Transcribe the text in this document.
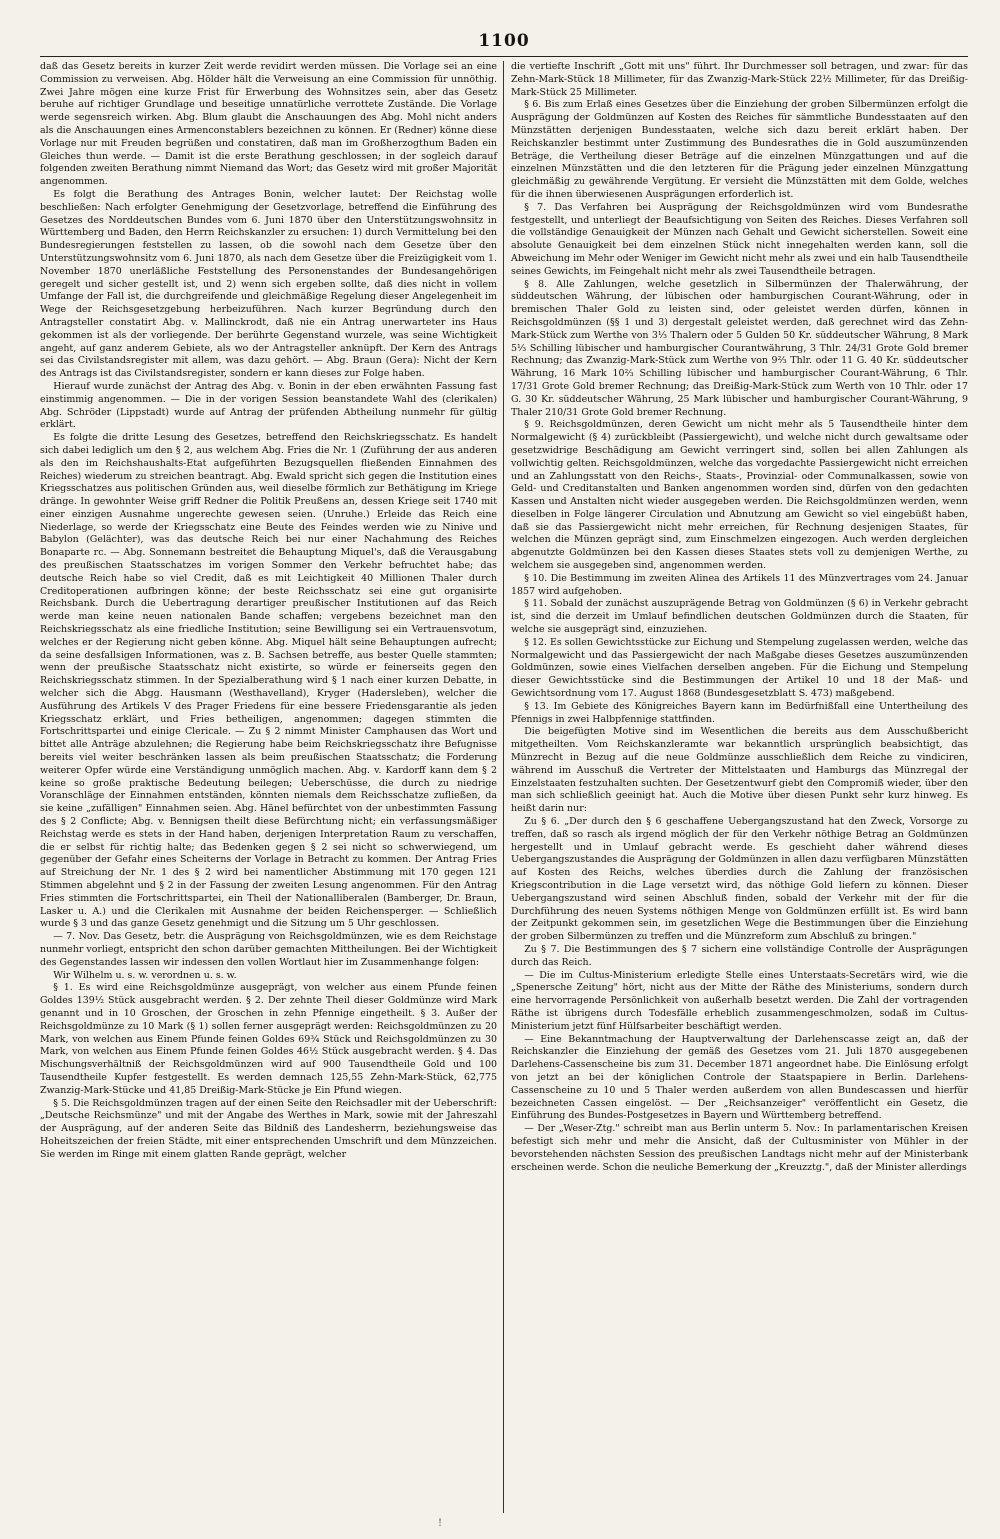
1100

daß das Gesetz bereits in kurzer Zeit werde revidirt werden müssen. Die Vorlage sei an eine Commission zu verweisen. Abg. Hölder hält die Verweisung an eine Commission für unnöthig. Zwei Jahre mögen eine kurze Frist für Erwerbung des Wohnsitzes sein, aber das Gesetz beruhe auf richtiger Grundlage und beseitige unnatürliche verrottete Zustände. Die Vorlage werde segensreich wirken. Abg. Blum glaubt die Anschauungen des Abg. Mohl nicht anders als die Anschauungen eines Armenconstablers bezeichnen zu können. Er (Redner) könne diese Vorlage nur mit Freuden begrüßen und constatiren, daß man im Großherzogthum Baden ein Gleiches thun werde. — Damit ist die erste Berathung geschlossen; in der sogleich darauf folgenden zweiten Berathung nimmt Niemand das Wort; das Gesetz wird mit großer Majorität angenommen.

Es folgt die Berathung des Antrages Bonin, welcher lautet: Der Reichstag wolle beschließen: Nach erfolgter Genehmigung der Gesetzvorlage, betreffend die Einführung des Gesetzes des Norddeutschen Bundes vom 6. Juni 1870 über den Unterstützungswohnsitz in Württemberg und Baden, den Herrn Reichskanzler zu ersuchen: 1) durch Vermittelung bei den Bundesregierungen feststellen zu lassen, ob die sowohl nach dem Gesetze über den Unterstützungswohnsitz vom 6. Juni 1870, als nach dem Gesetze über die Freizügigkeit vom 1. November 1870 unerläßliche Feststellung des Personenstandes der Bundesangehörigen geregelt und sicher gestellt ist, und 2) wenn sich ergeben sollte, daß dies nicht in vollem Umfange der Fall ist, die durchgreifende und gleichmäßige Regelung dieser Angelegenheit im Wege der Reichsgesetzgebung herbeizuführen. Nach kurzer Begründung durch den Antragsteller constatirt Abg. v. Mallinckrodt, daß nie ein Antrag unerwarteter ins Haus gekommen ist als der vorliegende. Der berührte Gegenstand wurzele, was seine Wichtigkeit angeht, auf ganz anderem Gebiete, als wo der Antragsteller anknüpft. Der Kern des Antrags sei das Civilstandsregister mit allem, was dazu gehört. — Abg. Braun (Gera): Nicht der Kern des Antrags ist das Civilstandsregister, sondern er kann dieses zur Folge haben.

Hierauf wurde zunächst der Antrag des Abg. v. Bonin in der eben erwähnten Fassung fast einstimmig angenommen. — Die in der vorigen Session beanstandete Wahl des (clerikalen) Abg. Schröder (Lippstadt) wurde auf Antrag der prüfenden Abtheilung nunmehr für gültig erklärt.

Es folgte die dritte Lesung des Gesetzes, betreffend den Reichskriegsschatz. Es handelt sich dabei lediglich um den § 2, aus welchem Abg. Fries die Nr. 1 (Zuführung der aus anderen als den im Reichshaushalts-Etat aufgeführten Bezugsquellen fließenden Einnahmen des Reiches) wiederum zu streichen beantragt. Abg. Ewald spricht sich gegen die Institution eines Kriegsschatzes aus politischen Gründen aus, weil dieselbe förmlich zur Bethätigung im Kriege dränge. In gewohnter Weise griff Redner die Politik Preußens an, dessen Kriege seit 1740 mit einer einzigen Ausnahme ungerechte gewesen seien. (Unruhe.) Erleide das Reich eine Niederlage, so werde der Kriegsschatz eine Beute des Feindes werden wie zu Ninive und Babylon (Gelächter), was das deutsche Reich bei nur einer Nachahmung des Reiches Bonaparte rc. — Abg. Sonnemann bestreitet die Behauptung Miquel's, daß die Verausgabung des preußischen Staatsschatzes im vorigen Sommer den Verkehr befruchtet habe; das deutsche Reich habe so viel Credit, daß es mit Leichtigkeit 40 Millionen Thaler durch Creditoperationen aufbringen könne; der beste Reichsschatz sei eine gut organisirte Reichsbank. Durch die Uebertragung derartiger preußischer Institutionen auf das Reich werde man keine neuen nationalen Bande schaffen; vergebens bezeichnet man den Reichskriegsschatz als eine friedliche Institution; seine Bewilligung sei ein Vertrauensvotum, welches er der Regierung nicht geben könne. Abg. Miquel hält seine Behauptungen aufrecht; da seine desfallsigen Informationen, was z. B. Sachsen betreffe, aus bester Quelle stammten; wenn der preußische Staatsschatz nicht existirte, so würde er feinerseits gegen den Reichskriegsschatz stimmen. In der Spezialberathung wird § 1 nach einer kurzen Debatte, in welcher sich die Abgg. Hausmann (Westhavelland), Kryger (Hadersleben), welcher die Ausführung des Artikels V des Prager Friedens für eine bessere Friedensgarantie als jeden Kriegsschatz erklärt, und Fries betheiligen, angenommen; dagegen stimmten die Fortschrittspartei und einige Clericale. — Zu § 2 nimmt Minister Camphausen das Wort und bittet alle Anträge abzulehnen; die Regierung habe beim Reichskriegsschatz ihre Befugnisse bereits viel weiter beschränken lassen als beim preußischen Staatsschatz; die Forderung weiterer Opfer würde eine Verständigung unmöglich machen. Abg. v. Kardorff kann dem § 2 keine so große praktische Bedeutung beilegen; Ueberschüsse, die durch zu niedrige Voranschläge der Einnahmen entständen, könnten niemals dem Reichsschatze zufließen, da sie keine „zufälligen" Einnahmen seien. Abg. Hänel befürchtet von der unbestimmten Fassung des § 2 Conflicte; Abg. v. Bennigsen theilt diese Befürchtung nicht; ein verfassungsmäßiger Reichstag werde es stets in der Hand haben, derjenigen Interpretation Raum zu verschaffen, die er selbst für richtig halte; das Bedenken gegen § 2 sei nicht so schwerwiegend, um gegenüber der Gefahr eines Scheiterns der Vorlage in Betracht zu kommen. Der Antrag Fries auf Streichung der Nr. 1 des § 2 wird bei namentlicher Abstimmung mit 170 gegen 121 Stimmen abgelehnt und § 2 in der Fassung der zweiten Lesung angenommen. Für den Antrag Fries stimmten die Fortschrittspartei, ein Theil der Nationalliberalen (Bamberger, Dr. Braun, Lasker u. A.) und die Clerikalen mit Ausnahme der beiden Reichensperger. — Schließlich wurde § 3 und das ganze Gesetz genehmigt und die Sitzung um 5 Uhr geschlossen.

— 7. Nov. Das Gesetz, betr. die Ausprägung von Reichsgoldmünzen, wie es dem Reichstage nunmehr vorliegt, entspricht den schon darüber gemachten Mittheilungen. Bei der Wichtigkeit des Gegenstandes lassen wir indessen den vollen Wortlaut hier im Zusammenhange folgen:

Wir Wilhelm u. s. w. verordnen u. s. w.

§ 1. Es wird eine Reichsgoldmünze ausgeprägt, von welcher aus einem Pfunde feinen Goldes 139½ Stück ausgebracht werden. § 2. Der zehnte Theil dieser Goldmünze wird Mark genannt und in 10 Groschen, der Groschen in zehn Pfennige eingetheilt. § 3. Außer der Reichsgoldmünze zu 10 Mark (§ 1) sollen ferner ausgeprägt werden: Reichsgoldmünzen zu 20 Mark, von welchen aus Einem Pfunde feinen Goldes 69¾ Stück und Reichsgoldmünzen zu 30 Mark, von welchen aus Einem Pfunde feinen Goldes 46½ Stück ausgebracht werden. § 4. Das Mischungsverhältniß der Reichsgoldmünzen wird auf 900 Tausendtheile Gold und 100 Tausendtheile Kupfer festgestellt. Es werden demnach 125,55 Zehn-Mark-Stück, 62,775 Zwanzig-Mark-Stücke und 41,85 Dreißig-Mark-Stücke je Ein Pfund wiegen.

§ 5. Die Reichsgoldmünzen tragen auf der einen Seite den Reichsadler mit der Ueberschrift: „Deutsche Reichsmünze" und mit der Angabe des Werthes in Mark, sowie mit der Jahreszahl der Ausprägung, auf der anderen Seite das Bildniß des Landesherrn, beziehungsweise das Hoheitszeichen der freien Städte, mit einer entsprechenden Umschrift und dem Münzzeichen. Sie werden im Ringe mit einem glatten Rande geprägt, welcher

die vertiefte Inschrift „Gott mit uns" führt. Ihr Durchmesser soll betragen, und zwar: für das Zehn-Mark-Stück 18 Millimeter, für das Zwanzig-Mark-Stück 22½ Millimeter, für das Dreißig-Mark-Stück 25 Millimeter.

§ 6. Bis zum Erlaß eines Gesetzes über die Einziehung der groben Silbermünzen erfolgt die Ausprägung der Goldmünzen auf Kosten des Reiches für sämmtliche Bundesstaaten auf den Münzstätten derjenigen Bundesstaaten, welche sich dazu bereit erklärt haben. Der Reichskanzler bestimmt unter Zustimmung des Bundesrathes die in Gold auszumünzenden Beträge, die Vertheilung dieser Beträge auf die einzelnen Münzgattungen und auf die einzelnen Münzstätten und die den letzteren für die Prägung jeder einzelnen Münzgattung gleichmäßig zu gewährende Vergütung. Er versieht die Münzstätten mit dem Golde, welches für die ihnen überwiesenen Ausprägungen erforderlich ist.

§ 7. Das Verfahren bei Ausprägung der Reichsgoldmünzen wird vom Bundesrathe festgestellt, und unterliegt der Beaufsichtigung von Seiten des Reiches. Dieses Verfahren soll die vollständige Genauigkeit der Münzen nach Gehalt und Gewicht sicherstellen. Soweit eine absolute Genauigkeit bei dem einzelnen Stück nicht innegehalten werden kann, soll die Abweichung im Mehr oder Weniger im Gewicht nicht mehr als zwei und ein halb Tausendtheile seines Gewichts, im Feingehalt nicht mehr als zwei Tausendtheile betragen.

§ 8. Alle Zahlungen, welche gesetzlich in Silbermünzen der Thalerwährung, der süddeutschen Währung, der lübischen oder hamburgischen Courant-Währung, oder in bremischen Thaler Gold zu leisten sind, oder geleistet werden dürfen, können in Reichsgoldmünzen (§§ 1 und 3) dergestalt geleistet werden, daß gerechnet wird das Zehn-Mark-Stück zum Werthe von 3⅓ Thalern oder 5 Gulden 50 Kr. süddeutscher Währung, 8 Mark 5⅓ Schilling lübischer und hamburgischer Courantwährung, 3 Thlr. 24/31 Grote Gold bremer Rechnung; das Zwanzig-Mark-Stück zum Werthe von 9⅔ Thlr. oder 11 G. 40 Kr. süddeutscher Währung, 16 Mark 10⅔ Schilling lübischer und hamburgischer Courant-Währung, 6 Thlr. 17/31 Grote Gold bremer Rechnung; das Dreißig-Mark-Stück zum Werth von 10 Thlr. oder 17 G. 30 Kr. süddeutscher Währung, 25 Mark lübischer und hamburgischer Courant-Währung, 9 Thaler 210/31 Grote Gold bremer Rechnung.

§ 9. Reichsgoldmünzen, deren Gewicht um nicht mehr als 5 Tausendtheile hinter dem Normalgewicht (§ 4) zurückbleibt (Passiergewicht), und welche nicht durch gewaltsame oder gesetzwidrige Beschädigung am Gewicht verringert sind, sollen bei allen Zahlungen als vollwichtig gelten. Reichsgoldmünzen, welche das vorgedachte Passiergewicht nicht erreichen und an Zahlungsstatt von den Reichs-, Staats-, Provinzial- oder Communalkassen, sowie von Geld- und Creditanstalten und Banken angenommen worden sind, dürfen von den gedachten Kassen und Anstalten nicht wieder ausgegeben werden. Die Reichsgoldmünzen werden, wenn dieselben in Folge längerer Circulation und Abnutzung am Gewicht so viel eingebüßt haben, daß sie das Passiergewicht nicht mehr erreichen, für Rechnung desjenigen Staates, für welchen die Münzen geprägt sind, zum Einschmelzen eingezogen. Auch werden dergleichen abgenutzte Goldmünzen bei den Kassen dieses Staates stets voll zu demjenigen Werthe, zu welchem sie ausgegeben sind, angenommen werden.

§ 10. Die Bestimmung im zweiten Alinea des Artikels 11 des Münzvertrages vom 24. Januar 1857 wird aufgehoben.

§ 11. Sobald der zunächst auszuprägende Betrag von Goldmünzen (§ 6) in Verkehr gebracht ist, sind die derzeit im Umlauf befindlichen deutschen Goldmünzen durch die Staaten, für welche sie ausgeprägt sind, einzuziehen.

§ 12. Es sollen Gewichtsstücke zur Eichung und Stempelung zugelassen werden, welche das Normalgewicht und das Passiergewicht der nach Maßgabe dieses Gesetzes auszumünzenden Goldmünzen, sowie eines Vielfachen derselben angeben. Für die Eichung und Stempelung dieser Gewichtsstücke sind die Bestimmungen der Artikel 10 und 18 der Maß- und Gewichtsordnung vom 17. August 1868 (Bundesgesetzblatt S. 473) maßgebend.

§ 13. Im Gebiete des Königreiches Bayern kann im Bedürfnißfall eine Untertheilung des Pfennigs in zwei Halbpfennige stattfinden.

Die beigefügten Motive sind im Wesentlichen die bereits aus dem Ausschußbericht mitgetheilten. Vom Reichskanzleramte war bekanntlich ursprünglich beabsichtigt, das Münzrecht in Bezug auf die neue Goldmünze ausschließlich dem Reiche zu vindiciren, während im Ausschuß die Vertreter der Mittelstaaten und Hamburgs das Münzregal der Einzelstaaten festzuhalten suchten. Der Gesetzentwurf giebt den Compromiß wieder, über den man sich schließlich geeinigt hat. Auch die Motive über diesen Punkt sehr kurz hinweg. Es heißt darin nur:

Zu § 6. „Der durch den § 6 geschaffene Uebergangszustand hat den Zweck, Vorsorge zu treffen, daß so rasch als irgend möglich der für den Verkehr nöthige Betrag an Goldmünzen hergestellt und in Umlauf gebracht werde. Es geschieht daher während dieses Uebergangszustandes die Ausprägung der Goldmünzen in allen dazu verfügbaren Münzstätten auf Kosten des Reichs, welches überdies durch die Zahlung der französischen Kriegscontribution in die Lage versetzt wird, das nöthige Gold liefern zu können. Dieser Uebergangszustand wird seinen Abschluß finden, sobald der Verkehr mit der für die Durchführung des neuen Systems nöthigen Menge von Goldmünzen erfüllt ist. Es wird bann der Zeitpunkt gekommen sein, im gesetzlichen Wege die Bestimmungen über die Einziehung der groben Silbermünzen zu treffen und die Münzreform zum Abschluß zu bringen."

Zu § 7. Die Bestimmungen des § 7 sichern eine vollständige Controlle der Ausprägungen durch das Reich.

— Die im Cultus-Ministerium erledigte Stelle eines Unterstaats-Secretärs wird, wie die „Spenersche Zeitung" hört, nicht aus der Mitte der Räthe des Ministeriums, sondern durch eine hervorragende Persönlichkeit von außerhalb besetzt werden. Die Zahl der vortragenden Räthe ist übrigens durch Todesfälle erheblich zusammengeschmolzen, sodaß im Cultus-Ministerium jetzt fünf Hülfsarbeiter beschäftigt werden.

— Eine Bekanntmachung der Hauptverwaltung der Darlehenscasse zeigt an, daß der Reichskanzler die Einziehung der gemäß des Gesetzes vom 21. Juli 1870 ausgegebenen Darlehens-Cassenscheine bis zum 31. December 1871 angeordnet habe. Die Einlösung erfolgt von jetzt an bei der königlichen Controle der Staatspapiere in Berlin. Darlehens-Cassenscheine zu 10 und 5 Thaler werden außerdem von allen Bundescassen und hierfür bezeichneten Cassen eingelöst. — Der „Reichsanzeiger" veröffentlicht ein Gesetz, die Einführung des Bundes-Postgesetzes in Bayern und Württemberg betreffend.

— Der „Weser-Ztg." schreibt man aus Berlin unterm 5. Nov.: In parlamentarischen Kreisen befestigt sich mehr und mehr die Ansicht, daß der Cultusminister von Mühler in der bevorstehenden nächsten Session des preußischen Landtags nicht mehr auf der Ministerbank erscheinen werde. Schon die neuliche Bemerkung der „Kreuzztg.", daß der Minister allerdings

!
